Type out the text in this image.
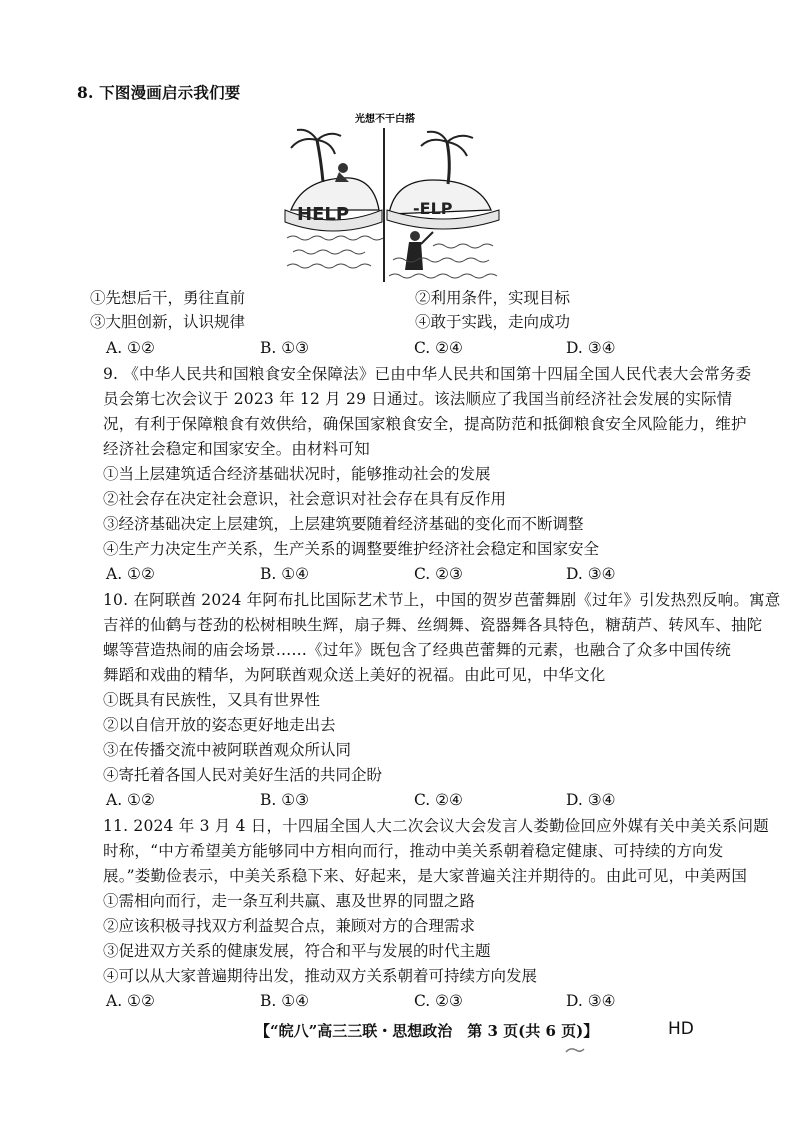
8. 下图漫画启示我们要
光想不干白搭
HELP	-ELP
①先想后干，勇往直前	②利用条件，实现目标
③大胆创新，认识规律	④敢于实践，走向成功
A. ①②	B. ①③	C. ②④	D. ③④
9. 《中华人民共和国粮食安全保障法》已由中华人民共和国第十四届全国人民代表大会常务委
员会第七次会议于 2023 年 12 月 29 日通过。该法顺应了我国当前经济社会发展的实际情
况，有利于保障粮食有效供给，确保国家粮食安全，提高防范和抵御粮食安全风险能力，维护
经济社会稳定和国家安全。由材料可知
①当上层建筑适合经济基础状况时，能够推动社会的发展
②社会存在决定社会意识，社会意识对社会存在具有反作用
③经济基础决定上层建筑，上层建筑要随着经济基础的变化而不断调整
④生产力决定生产关系，生产关系的调整要维护经济社会稳定和国家安全
A. ①②	B. ①④	C. ②③	D. ③④
10. 在阿联酋 2024 年阿布扎比国际艺术节上，中国的贺岁芭蕾舞剧《过年》引发热烈反响。寓意
吉祥的仙鹤与苍劲的松树相映生辉，扇子舞、丝绸舞、瓷器舞各具特色，糖葫芦、转风车、抽陀
螺等营造热闹的庙会场景……《过年》既包含了经典芭蕾舞的元素，也融合了众多中国传统
舞蹈和戏曲的精华，为阿联酋观众送上美好的祝福。由此可见，中华文化
①既具有民族性，又具有世界性
②以自信开放的姿态更好地走出去
③在传播交流中被阿联酋观众所认同
④寄托着各国人民对美好生活的共同企盼
A. ①②	B. ①③	C. ②④	D. ③④
11. 2024 年 3 月 4 日，十四届全国人大二次会议大会发言人娄勤俭回应外媒有关中美关系问题
时称，“中方希望美方能够同中方相向而行，推动中美关系朝着稳定健康、可持续的方向发
展。”娄勤俭表示，中美关系稳下来、好起来，是大家普遍关注并期待的。由此可见，中美两国
①需相向而行，走一条互利共赢、惠及世界的同盟之路
②应该积极寻找双方利益契合点，兼顾对方的合理需求
③促进双方关系的健康发展，符合和平与发展的时代主题
④可以从大家普遍期待出发，推动双方关系朝着可持续方向发展
A. ①②	B. ①④	C. ②③	D. ③④
【“皖八”高三三联・思想政治　第 3 页(共 6 页)】	HD
